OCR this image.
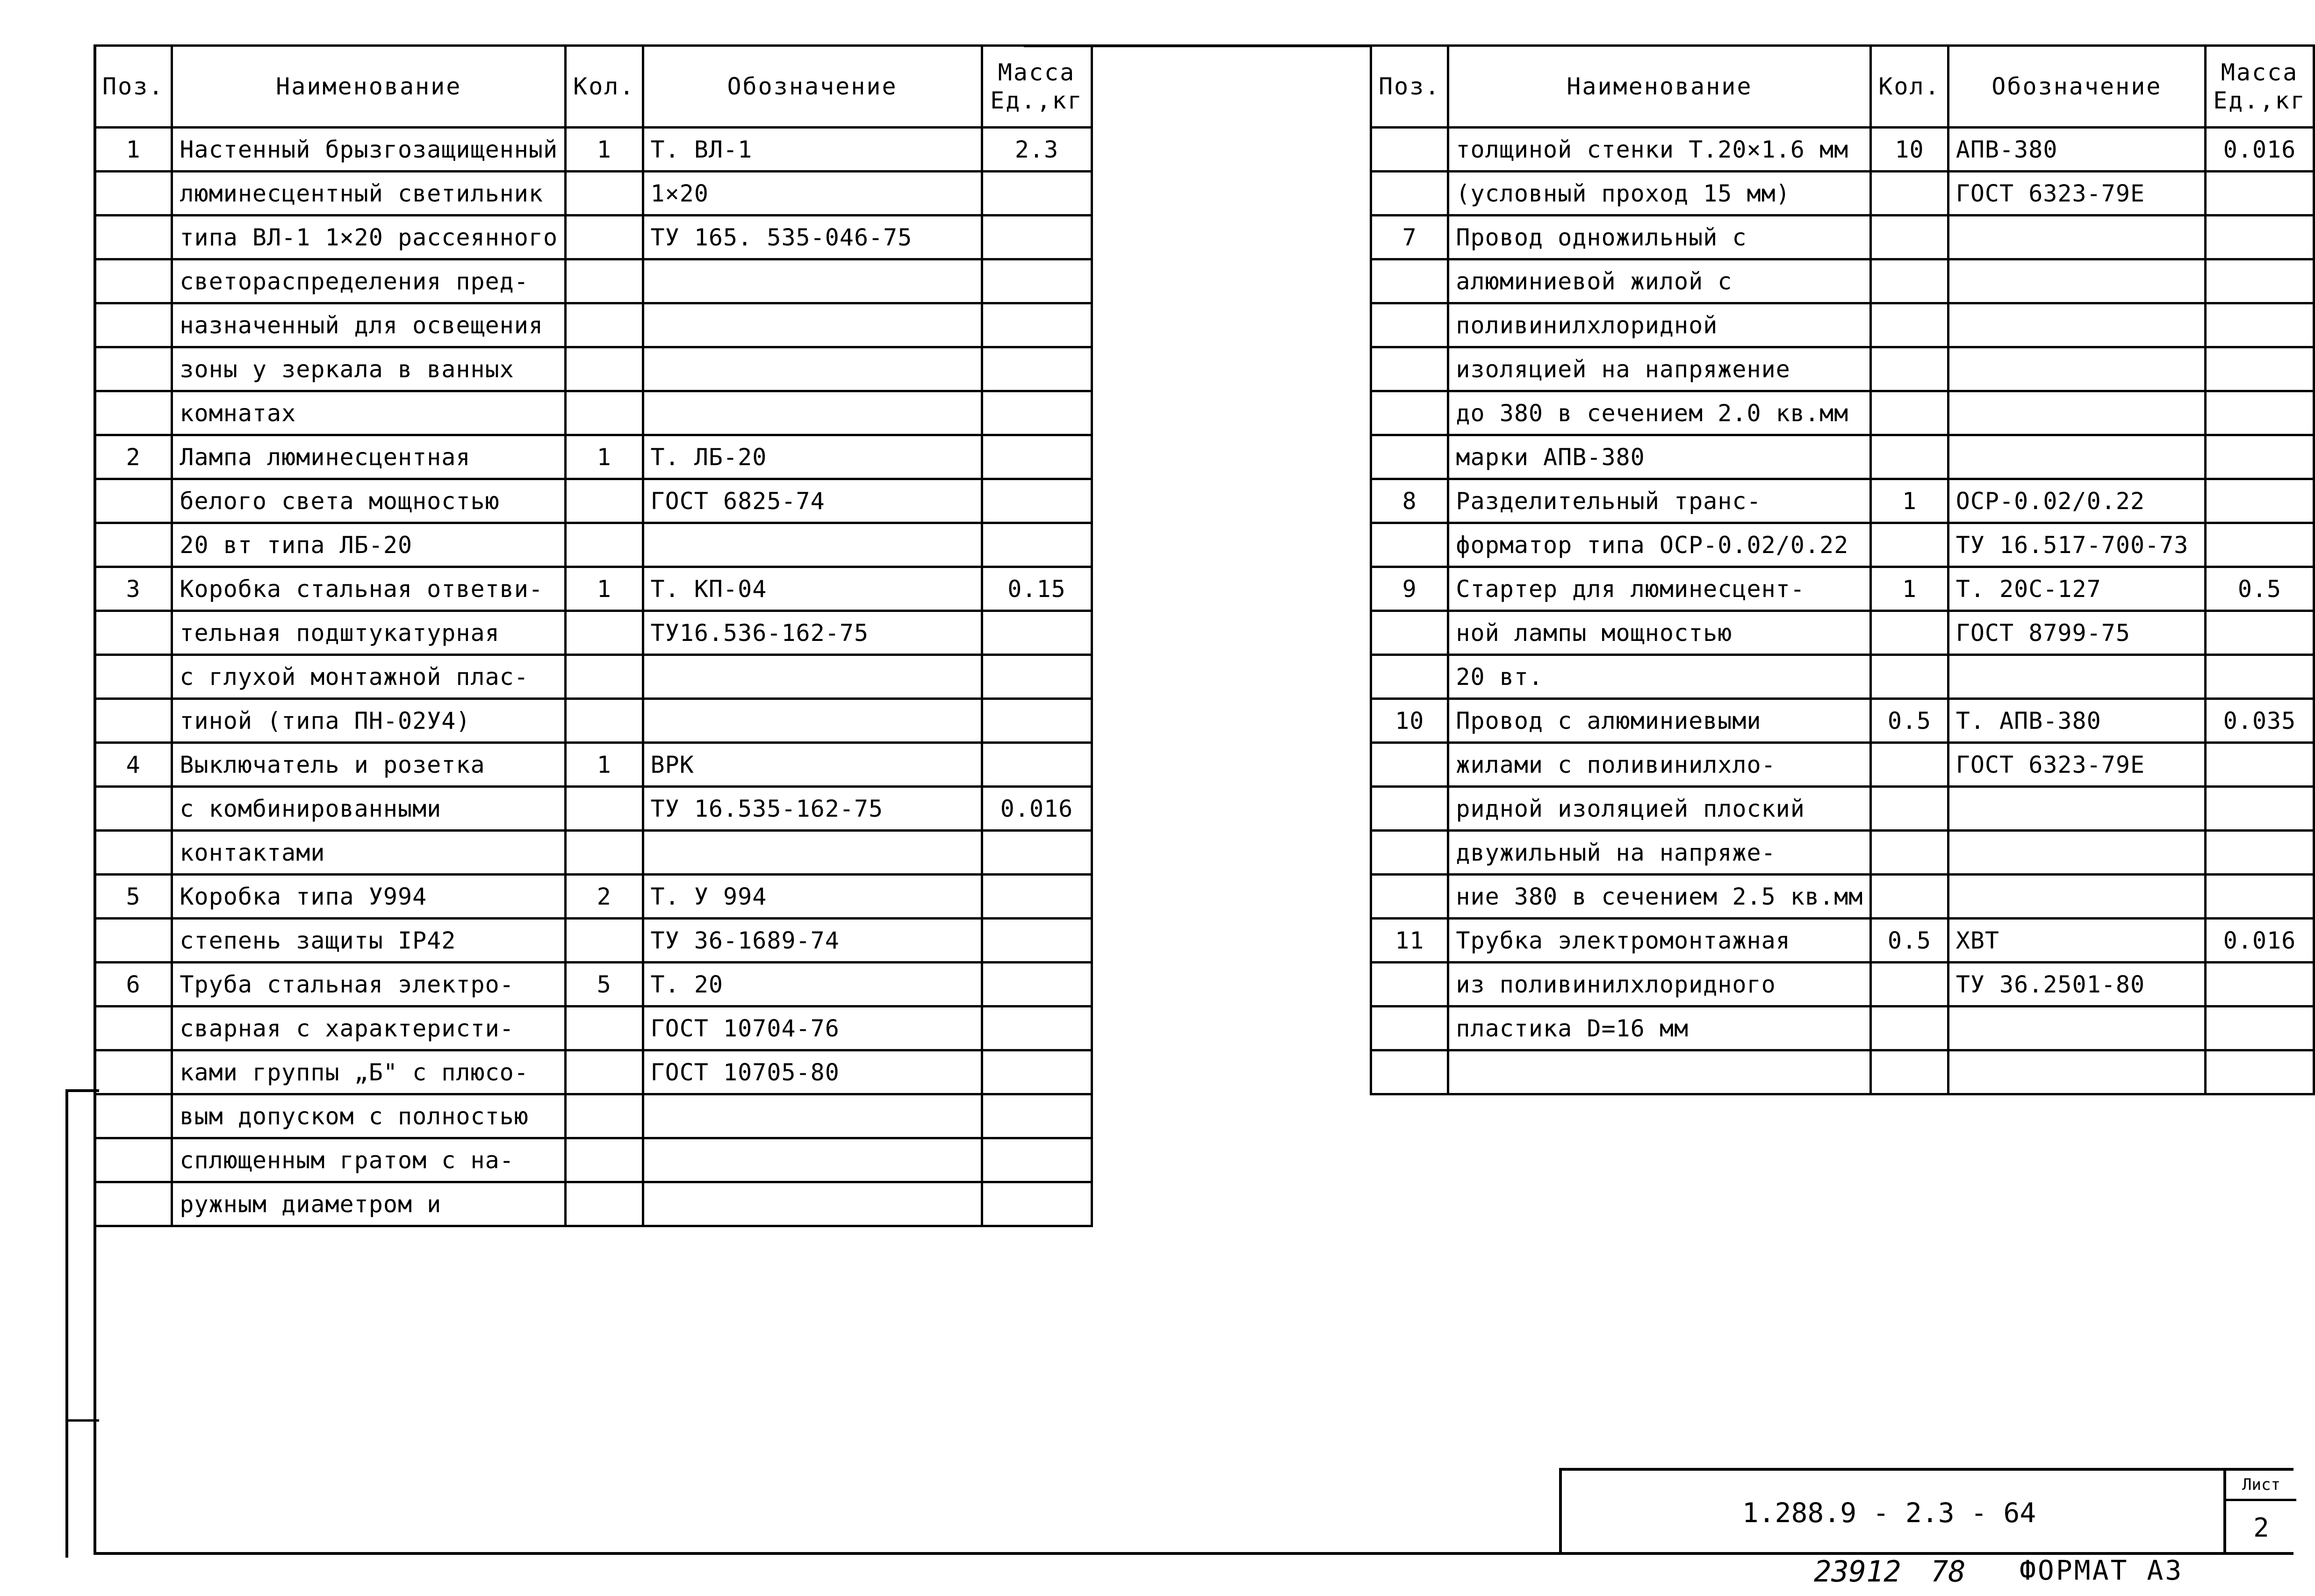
Поз.	Наименование	Кол.	Обозначение	Масса
Ед.,кг
1	Настенный брызгозащищенный	1	Т. ВЛ-1	2.3
	люминесцентный светильник		1×20	
	типа ВЛ-1 1×20 рассеянного		ТУ 165. 535-046-75	
	светораспределения пред-			
	назначенный для освещения			
	зоны у зеркала в ванных			
	комнатах			
2	Лампа люминесцентная	1	Т. ЛБ-20	
	белого света мощностью		ГОСТ 6825-74	
	20 вт типа ЛБ-20			
3	Коробка стальная ответви-	1	Т. КП-04	0.15
	тельная подштукатурная		ТУ16.536-162-75	
	с глухой монтажной плас-			
	тиной (типа ПН-02У4)			
4	Выключатель и розетка	1	ВРК	
	с комбинированными		ТУ 16.535-162-75	0.016
	контактами			
5	Коробка типа У994	2	Т. У 994	
	степень защиты IP42		ТУ 36-1689-74	
6	Труба стальная электро-	5	Т. 20	
	сварная с характеристи-		ГОСТ 10704-76	
	ками группы „Б" с плюсо-		ГОСТ 10705-80	
	вым допуском с полностью			
	сплющенным гратом с на-			
	ружным диаметром и			
Поз.	Наименование	Кол.	Обозначение	Масса
Ед.,кг
	толщиной стенки Т.20×1.6 мм	10	АПВ-380	0.016
	(условный проход 15 мм)		ГОСТ 6323-79Е	
7	Провод одножильный с			
	алюминиевой жилой с			
	поливинилхлоридной			
	изоляцией на напряжение			
	до 380 в сечением 2.0 кв.мм			
	марки АПВ-380			
8	Разделительный транс-	1	ОСР-0.02/0.22	
	форматор типа ОСР-0.02/0.22		ТУ 16.517-700-73	
9	Стартер для люминесцент-	1	Т. 20С-127	0.5
	ной лампы мощностью		ГОСТ 8799-75	
	20 вт.			
10	Провод с алюминиевыми	0.5	Т. АПВ-380	0.035
	жилами с поливинилхло-		ГОСТ 6323-79Е	
	ридной изоляцией плоский			
	двужильный на напряже-			
	ние 380 в сечением 2.5 кв.мм			
11	Трубка электромонтажная	0.5	ХВТ	0.016
	из поливинилхлоридного		ТУ 36.2501-80	
	пластика D=16 мм			

1.288.9 - 2.3 - 64
Лист
2
23912 78 ФОРМАТ А3
